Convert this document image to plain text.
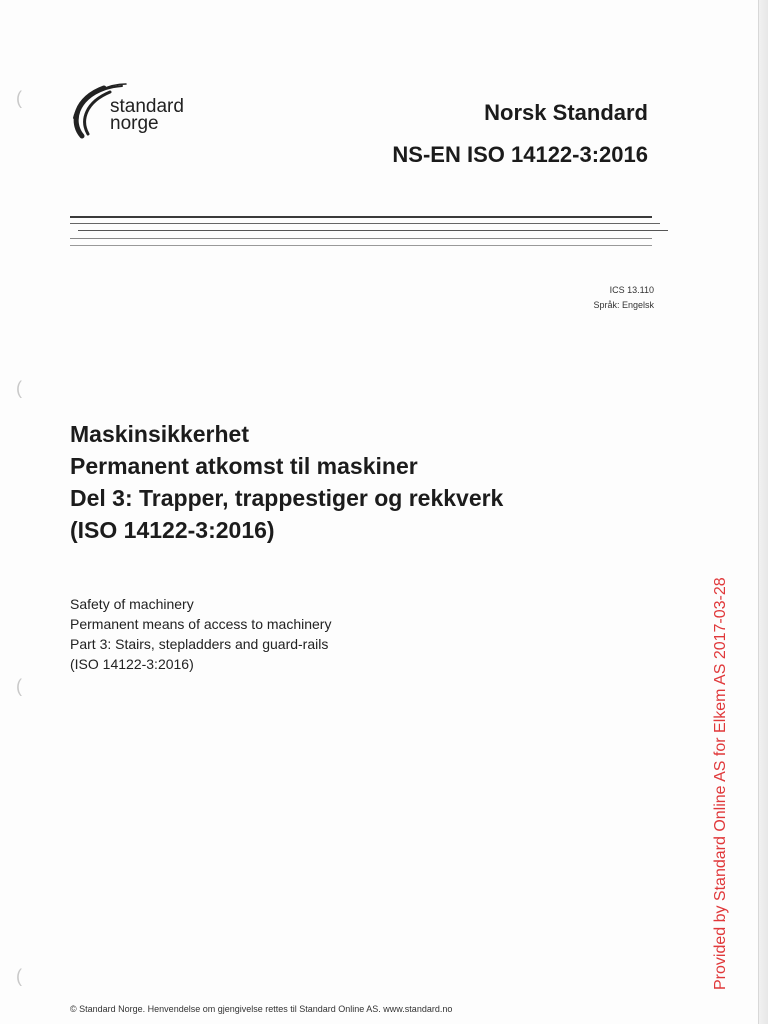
(
(
(
(
standard
norge	Norsk Standard
NS-EN ISO 14122-3:2016
ICS 13.110
Språk: Engelsk
Maskinsikkerhet
Permanent atkomst til maskiner
Del 3: Trapper, trappestiger og rekkverk
(ISO 14122-3:2016)
Safety of machinery
Permanent means of access to machinery
Part 3: Stairs, stepladders and guard-rails
(ISO 14122-3:2016)	Provided by Standard Online AS for Elkem AS 2017-03-28
© Standard Norge. Henvendelse om gjengivelse rettes til Standard Online AS. www.standard.no
